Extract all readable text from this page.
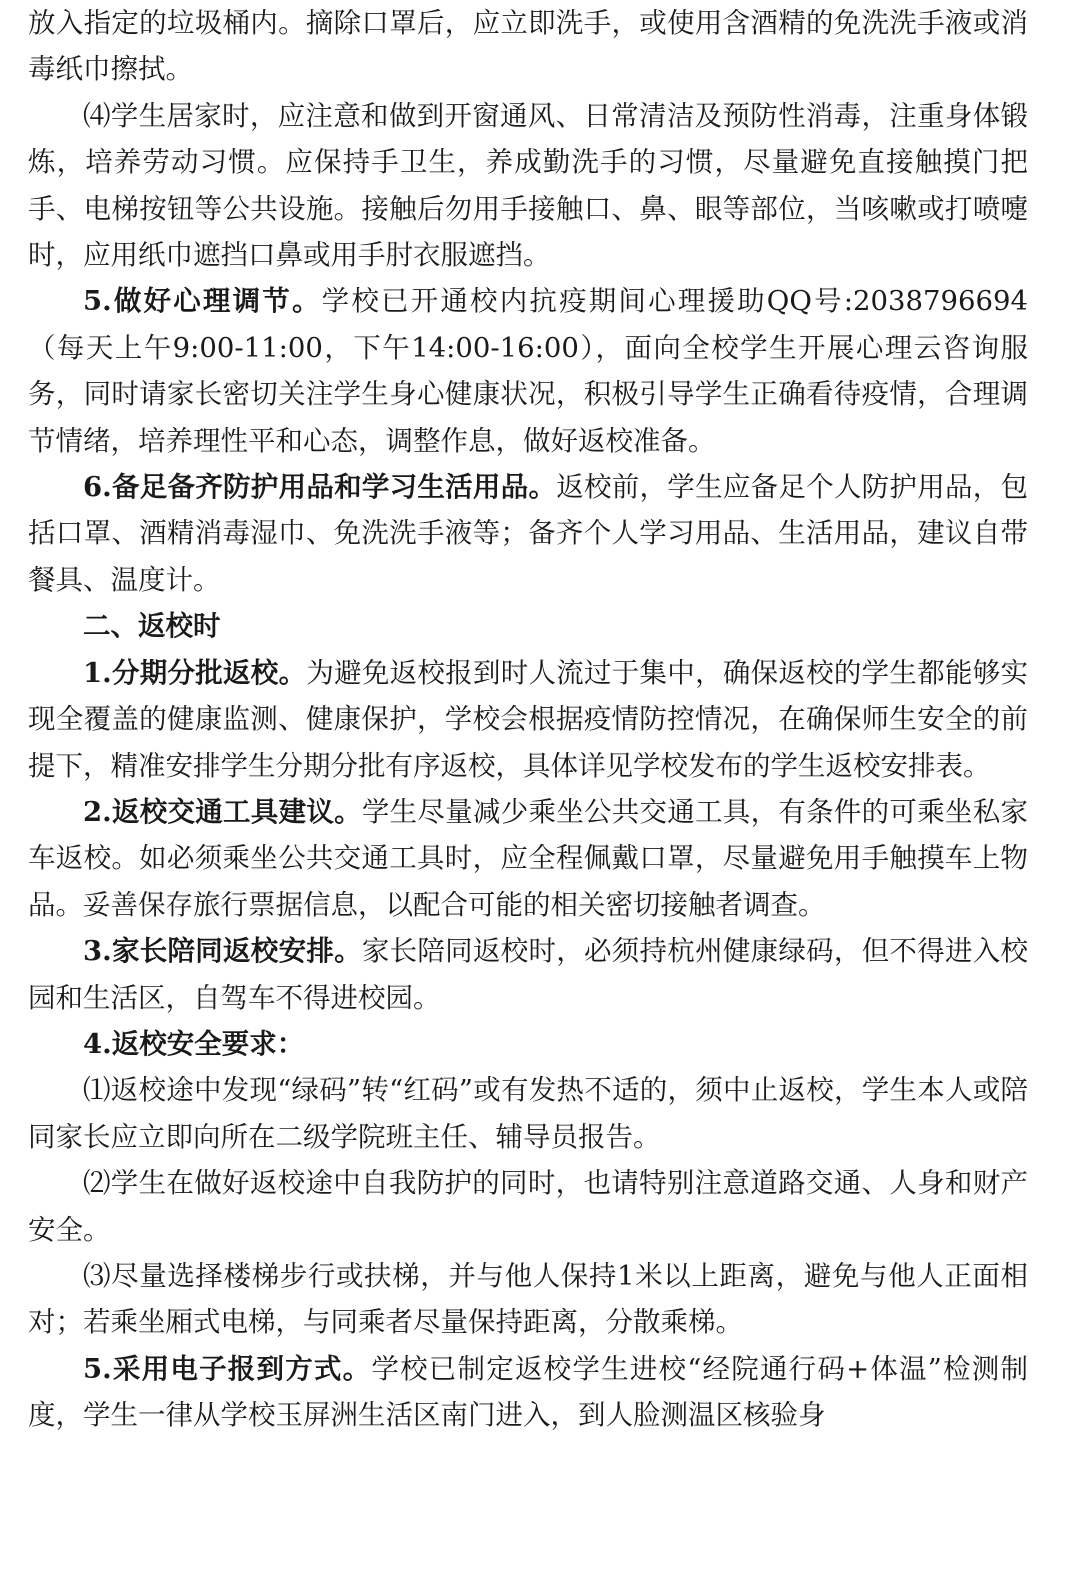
放入指定的垃圾桶内。摘除口罩后，应立即洗手，或使用含酒精的免洗洗手液或消毒纸巾擦拭。

⑷学生居家时，应注意和做到开窗通风、日常清洁及预防性消毒，注重身体锻炼，培养劳动习惯。应保持手卫生，养成勤洗手的习惯，尽量避免直接触摸门把手、电梯按钮等公共设施。接触后勿用手接触口、鼻、眼等部位，当咳嗽或打喷嚏时，应用纸巾遮挡口鼻或用手肘衣服遮挡。

5.做好心理调节。学校已开通校内抗疫期间心理援助QQ号:2038796694（每天上午9:00-11:00，下午14:00-16:00），面向全校学生开展心理云咨询服务，同时请家长密切关注学生身心健康状况，积极引导学生正确看待疫情，合理调节情绪，培养理性平和心态，调整作息，做好返校准备。

6.备足备齐防护用品和学习生活用品。返校前，学生应备足个人防护用品，包括口罩、酒精消毒湿巾、免洗洗手液等；备齐个人学习用品、生活用品，建议自带餐具、温度计。

二、返校时

1.分期分批返校。为避免返校报到时人流过于集中，确保返校的学生都能够实现全覆盖的健康监测、健康保护，学校会根据疫情防控情况，在确保师生安全的前提下，精准安排学生分期分批有序返校，具体详见学校发布的学生返校安排表。

2.返校交通工具建议。学生尽量减少乘坐公共交通工具，有条件的可乘坐私家车返校。如必须乘坐公共交通工具时，应全程佩戴口罩，尽量避免用手触摸车上物品。妥善保存旅行票据信息，以配合可能的相关密切接触者调查。

3.家长陪同返校安排。家长陪同返校时，必须持杭州健康绿码，但不得进入校园和生活区，自驾车不得进校园。

4.返校安全要求：

⑴返校途中发现“绿码”转“红码”或有发热不适的，须中止返校，学生本人或陪同家长应立即向所在二级学院班主任、辅导员报告。

⑵学生在做好返校途中自我防护的同时，也请特别注意道路交通、人身和财产安全。

⑶尽量选择楼梯步行或扶梯，并与他人保持1米以上距离，避免与他人正面相对；若乘坐厢式电梯，与同乘者尽量保持距离，分散乘梯。

5.采用电子报到方式。学校已制定返校学生进校“经院通行码+体温”检测制度，学生一律从学校玉屏洲生活区南门进入，到人脸测温区核验身
